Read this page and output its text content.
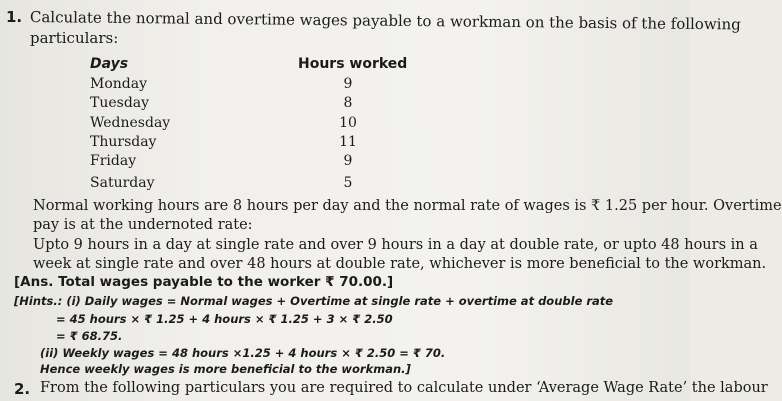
1. Calculate the normal and overtime wages payable to a workman on the basis of the following
particulars:
Days	Hours worked
Monday	9
Tuesday	8
Wednesday	10
Thursday	11
Friday	9
Saturday	5
Normal working hours are 8 hours per day and the normal rate of wages is ₹ 1.25 per hour. Overtime
pay is at the undernoted rate:
Upto 9 hours in a day at single rate and over 9 hours in a day at double rate, or upto 48 hours in a
week at single rate and over 48 hours at double rate, whichever is more beneficial to the workman.
[Ans. Total wages payable to the worker ₹ 70.00.]
[Hints.: (i) Daily wages = Normal wages + Overtime at single rate + overtime at double rate
= 45 hours × ₹ 1.25 + 4 hours × ₹ 1.25 + 3 × ₹ 2.50
= ₹ 68.75.
(ii) Weekly wages = 48 hours ×1.25 + 4 hours × ₹ 2.50 = ₹ 70.
Hence weekly wages is more beneficial to the workman.]
2. From the following particulars you are required to calculate under ‘Average Wage Rate’ the labour
